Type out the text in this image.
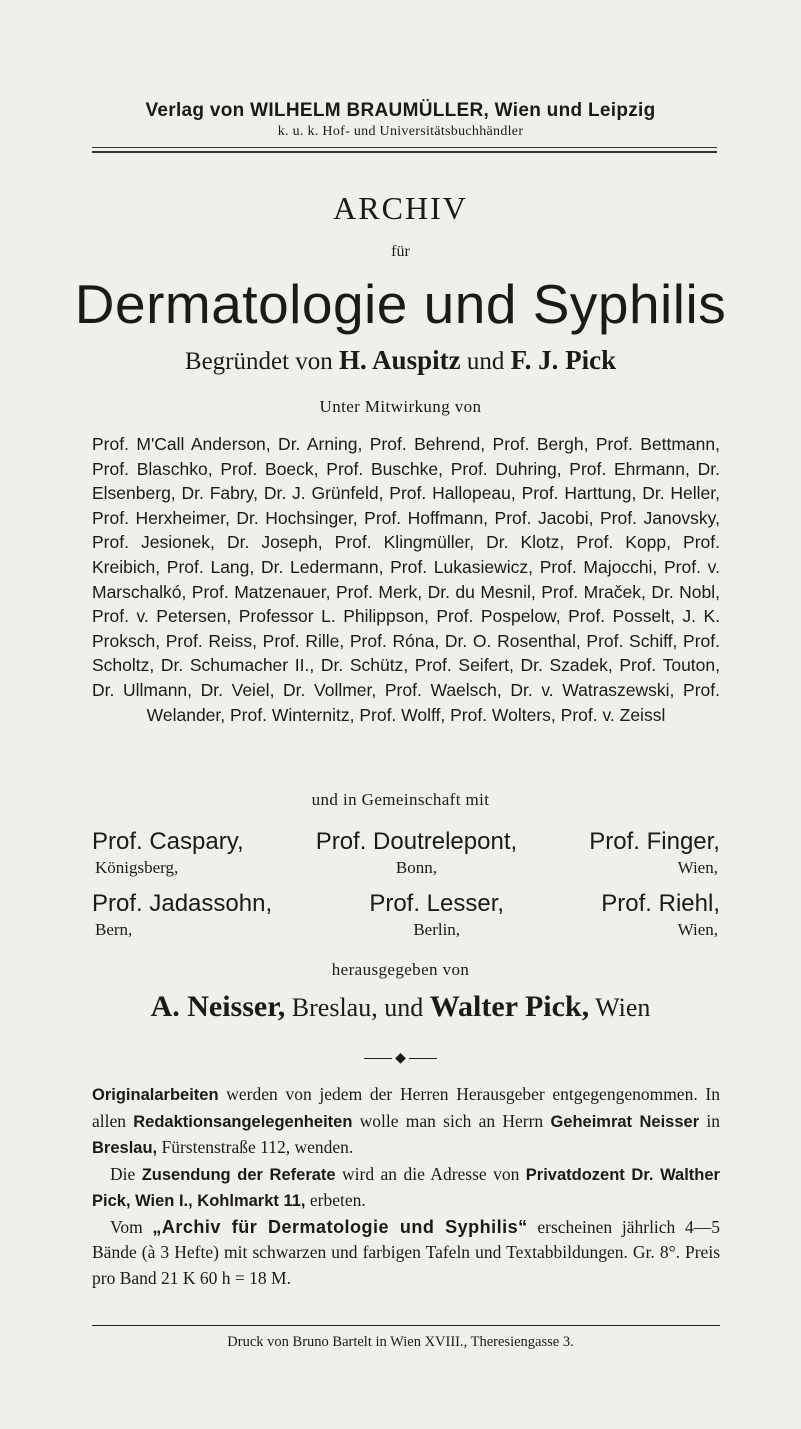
Verlag von WILHELM BRAUMÜLLER, Wien und Leipzig
k. u. k. Hof- und Universitätsbuchhändler
ARCHIV
für
Dermatologie und Syphilis
Begründet von H. Auspitz und F. J. Pick
Unter Mitwirkung von
Prof. M'Call Anderson, Dr. Arning, Prof. Behrend, Prof. Bergh, Prof. Bettmann, Prof. Blaschko, Prof. Boeck, Prof. Buschke, Prof. Duhring, Prof. Ehrmann, Dr. Elsenberg, Dr. Fabry, Dr. J. Grünfeld, Prof. Hallopeau, Prof. Harttung, Dr. Heller, Prof. Herxheimer, Dr. Hochsinger, Prof. Hoffmann, Prof. Jacobi, Prof. Janovsky, Prof. Jesionek, Dr. Joseph, Prof. Klingmüller, Dr. Klotz, Prof. Kopp, Prof. Kreibich, Prof. Lang, Dr. Ledermann, Prof. Lukasiewicz, Prof. Majocchi, Prof. v. Marschalkó, Prof. Matzenauer, Prof. Merk, Dr. du Mesnil, Prof. Mraček, Dr. Nobl, Prof. v. Petersen, Professor L. Philippson, Prof. Pospelow, Prof. Posselt, J. K. Proksch, Prof. Reiss, Prof. Rille, Prof. Róna, Dr. O. Rosenthal, Prof. Schiff, Prof. Scholtz, Dr. Schumacher II., Dr. Schütz, Prof. Seifert, Dr. Szadek, Prof. Touton, Dr. Ullmann, Dr. Veiel, Dr. Vollmer, Prof. Waelsch, Dr. v. Watraszewski, Prof. Welander, Prof. Winternitz, Prof. Wolff, Prof. Wolters, Prof. v. Zeissl
und in Gemeinschaft mit
Prof. Caspary,
Königsberg,
Prof. Doutrelepont,
Bonn,
Prof. Finger,
Wien,
Prof. Jadassohn,
Bern,
Prof. Lesser,
Berlin,
Prof. Riehl,
Wien,
herausgegeben von
A. Neisser, Breslau, und Walter Pick, Wien
◆

Originalarbeiten werden von jedem der Herren Herausgeber entgegengenommen. In allen Redaktionsangelegenheiten wolle man sich an Herrn Geheimrat Neisser in Breslau, Fürstenstraße 112, wenden.

Die Zusendung der Referate wird an die Adresse von Privatdozent Dr. Walther Pick, Wien I., Kohlmarkt 11, erbeten.

Vom „Archiv für Dermatologie und Syphilis“ erscheinen jährlich 4—5 Bände (à 3 Hefte) mit schwarzen und farbigen Tafeln und Textabbildungen. Gr. 8°. Preis pro Band 21 K 60 h = 18 M.

Druck von Bruno Bartelt in Wien XVIII., Theresiengasse 3.
